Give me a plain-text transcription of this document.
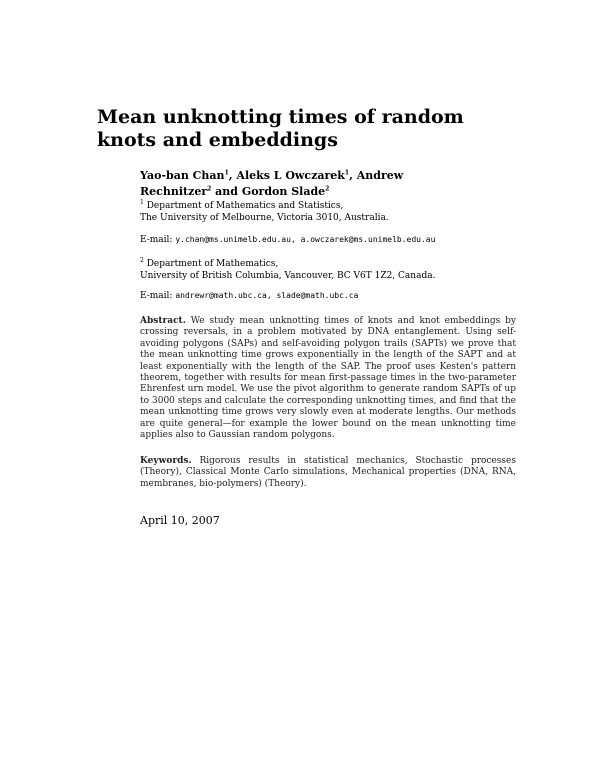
Mean unknotting times of random knots and embeddings
Yao-ban Chan$^1$, Aleks L Owczarek$^1$, Andrew Rechnitzer$^2$ and Gordon Slade$^2$
$^1$ Department of Mathematics and Statistics,
The University of Melbourne, Victoria 3010, Australia.
E-mail: y.chan@ms.unimelb.edu.au, a.owczarek@ms.unimelb.edu.au
$^2$ Department of Mathematics,
University of British Columbia, Vancouver, BC V6T 1Z2, Canada.
E-mail: andrewr@math.ubc.ca, slade@math.ubc.ca
Abstract. We study mean unknotting times of knots and knot embeddings by crossing reversals, in a problem motivated by DNA entanglement. Using self-avoiding polygons (SAPs) and self-avoiding polygon trails (SAPTs) we prove that the mean unknotting time grows exponentially in the length of the SAPT and at least exponentially with the length of the SAP. The proof uses Kesten's pattern theorem, together with results for mean first-passage times in the two-parameter Ehrenfest urn model. We use the pivot algorithm to generate random SAPTs of up to 3000 steps and calculate the corresponding unknotting times, and find that the mean unknotting time grows very slowly even at moderate lengths. Our methods are quite general—for example the lower bound on the mean unknotting time applies also to Gaussian random polygons.
Keywords. Rigorous results in statistical mechanics, Stochastic processes (Theory), Classical Monte Carlo simulations, Mechanical properties (DNA, RNA, membranes, bio-polymers) (Theory).
April 10, 2007
